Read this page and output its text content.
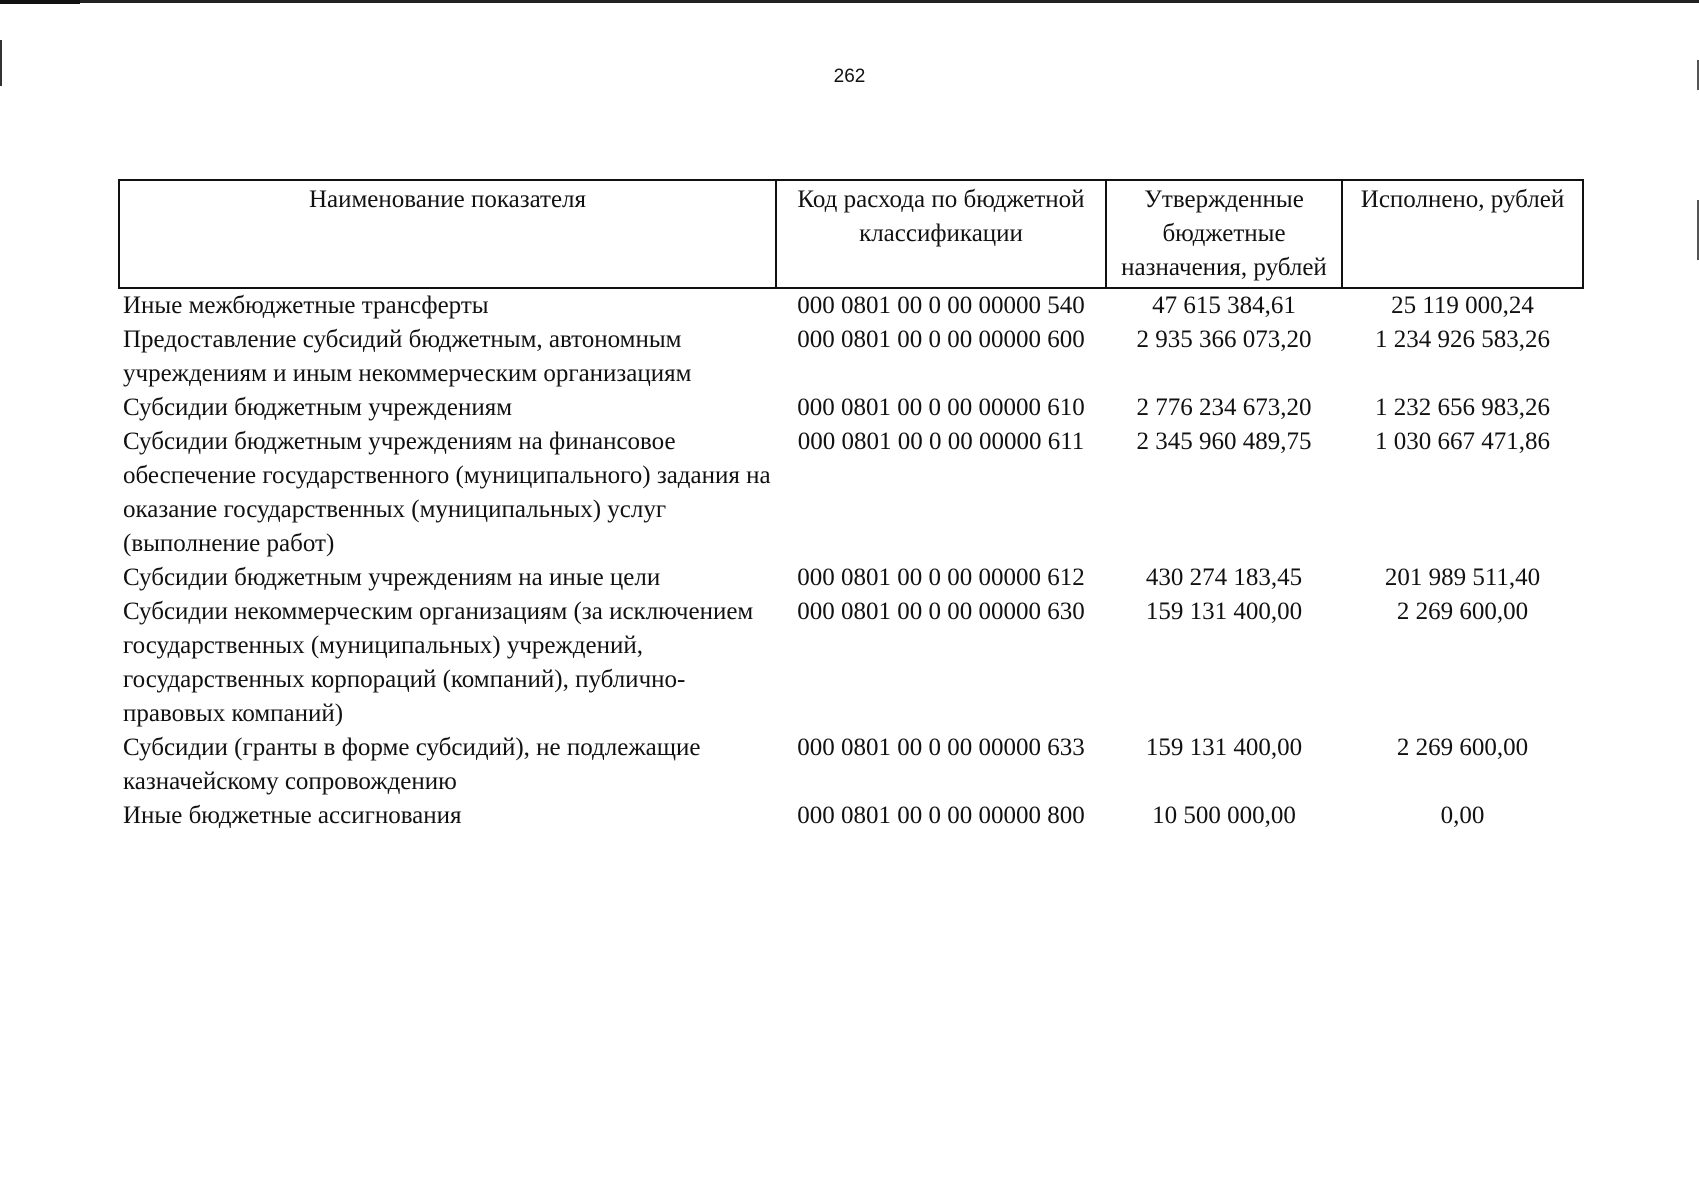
262
Наименование показателя	Код расхода по бюджетной классификации	Утвержденные бюджетные назначения, рублей	Исполнено, рублей
Иные межбюджетные трансферты	000 0801 00 0 00 00000 540	47 615 384,61	25 119 000,24
Предоставление субсидий бюджетным, автономным учреждениям и иным некоммерческим организациям	000 0801 00 0 00 00000 600	2 935 366 073,20	1 234 926 583,26
Субсидии бюджетным учреждениям	000 0801 00 0 00 00000 610	2 776 234 673,20	1 232 656 983,26
Субсидии бюджетным учреждениям на финансовое обеспечение государственного (муниципального) задания на оказание государственных (муниципальных) услуг (выполнение работ)	000 0801 00 0 00 00000 611	2 345 960 489,75	1 030 667 471,86
Субсидии бюджетным учреждениям на иные цели	000 0801 00 0 00 00000 612	430 274 183,45	201 989 511,40
Субсидии некоммерческим организациям (за исключением государственных (муниципальных) учреждений, государственных корпораций (компаний), публично-правовых компаний)	000 0801 00 0 00 00000 630	159 131 400,00	2 269 600,00
Субсидии (гранты в форме субсидий), не подлежащие казначейскому сопровождению	000 0801 00 0 00 00000 633	159 131 400,00	2 269 600,00
Иные бюджетные ассигнования	000 0801 00 0 00 00000 800	10 500 000,00	0,00
